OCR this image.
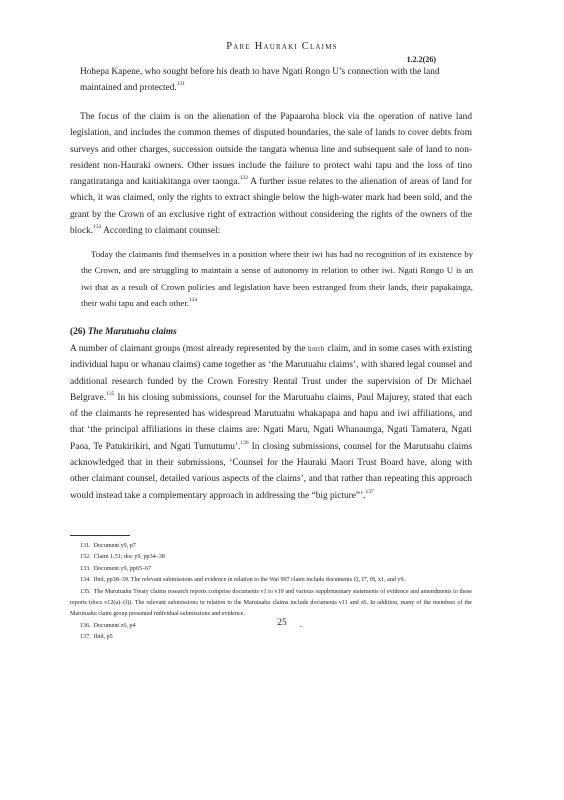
Pare Hauraki Claims
1.2.2(26)
Hohepa Kapene, who sought before his death to have Ngati Rongo U’s connection with the land maintained and protected.$^{131}$
The focus of the claim is on the alienation of the Papaaroha block via the operation of native land legislation, and includes the common themes of disputed boundaries, the sale of lands to cover debts from surveys and other charges, succession outside the tangata whenua line and subsequent sale of land to non-resident non-Hauraki owners. Other issues include the failure to protect wahi tapu and the loss of tino rangatiratanga and kaitiakitanga over taonga.$^{132}$ A further issue relates to the alienation of areas of land for which, it was claimed, only the rights to extract shingle below the high-water mark had been sold, and the grant by the Crown of an exclusive right of extraction without considering the rights of the owners of the block.$^{133}$ According to claimant counsel:
Today the claimants find themselves in a position where their iwi has had no recognition of its existence by the Crown, and are struggling to maintain a sense of autonomy in relation to other iwi. Ngati Rongo U is an iwi that as a result of Crown policies and legislation have been estranged from their lands, their papakainga, their wahi tapu and each other.$^{134}$
(26) The Marutuahu claims
A number of claimant groups (most already represented by the hmtb claim, and in some cases with existing individual hapu or whanau claims) came together as ‘the Marutuahu claims’, with shared legal counsel and additional research funded by the Crown Forestry Rental Trust under the supervision of Dr Michael Belgrave.$^{135}$ In his closing submissions, counsel for the Marutuahu claims, Paul Majurey, stated that each of the claimants he represented has widespread Marutuahu whakapapa and hapu and iwi affiliations, and that ‘the principal affiliations in these claims are: Ngati Maru, Ngati Whanaunga, Ngati Tamatera, Ngati Paoa, Te Patukirikiri, and Ngati Tumutumu’.$^{136}$ In closing submissions, counsel for the Marutuahu claims acknowledged that in their submissions, ‘Counsel for the Hauraki Maori Trust Board have, along with other claimant counsel, detailed various aspects of the claims’, and that rather than repeating this approach would instead take a complementary approach in addressing the “big picture”’.$^{137}$
131. Document y9, p7
132. Claim 1.51; doc y9, pp34–38
133. Document y9, pp65–67
134. Ibid, pp38–39. The relevant submissions and evidence in relation to the Wai 997 claim include documents f2, f7, f8, x1, and y9.
135. The Marutuahu Treaty claims research reports comprise documents v1 to v10 and various supplementary statements of evidence and amendments to these reports (docs v12(a)–(f)). The relevant submissions in relation to the Marutuahu claims include documents v11 and z6. In addition, many of the members of the Marutuahu claim group presented individual submissions and evidence.
136. Document z6, p4
137. Ibid, p5
25
